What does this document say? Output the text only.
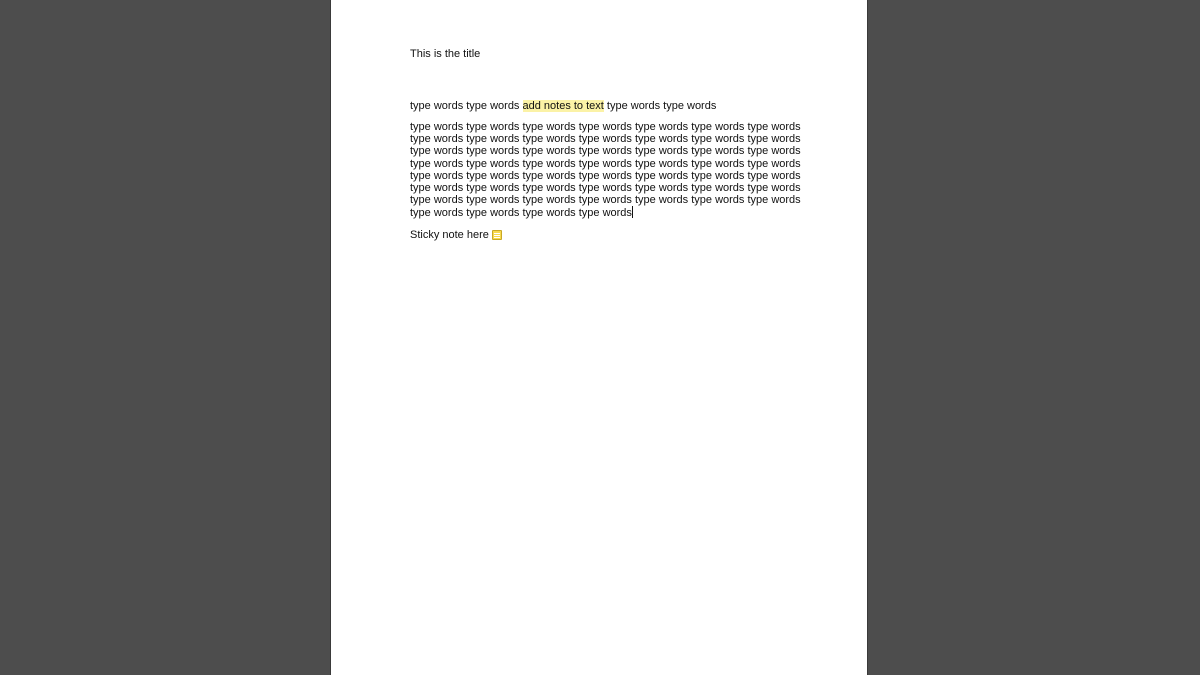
This is the title

type words type words add notes to text type words type words

type words type words type words type words type words type words type words
type words type words type words type words type words type words type words
type words type words type words type words type words type words type words
type words type words type words type words type words type words type words
type words type words type words type words type words type words type words
type words type words type words type words type words type words type words
type words type words type words type words type words type words type words
type words type words type words type words

Sticky note here
